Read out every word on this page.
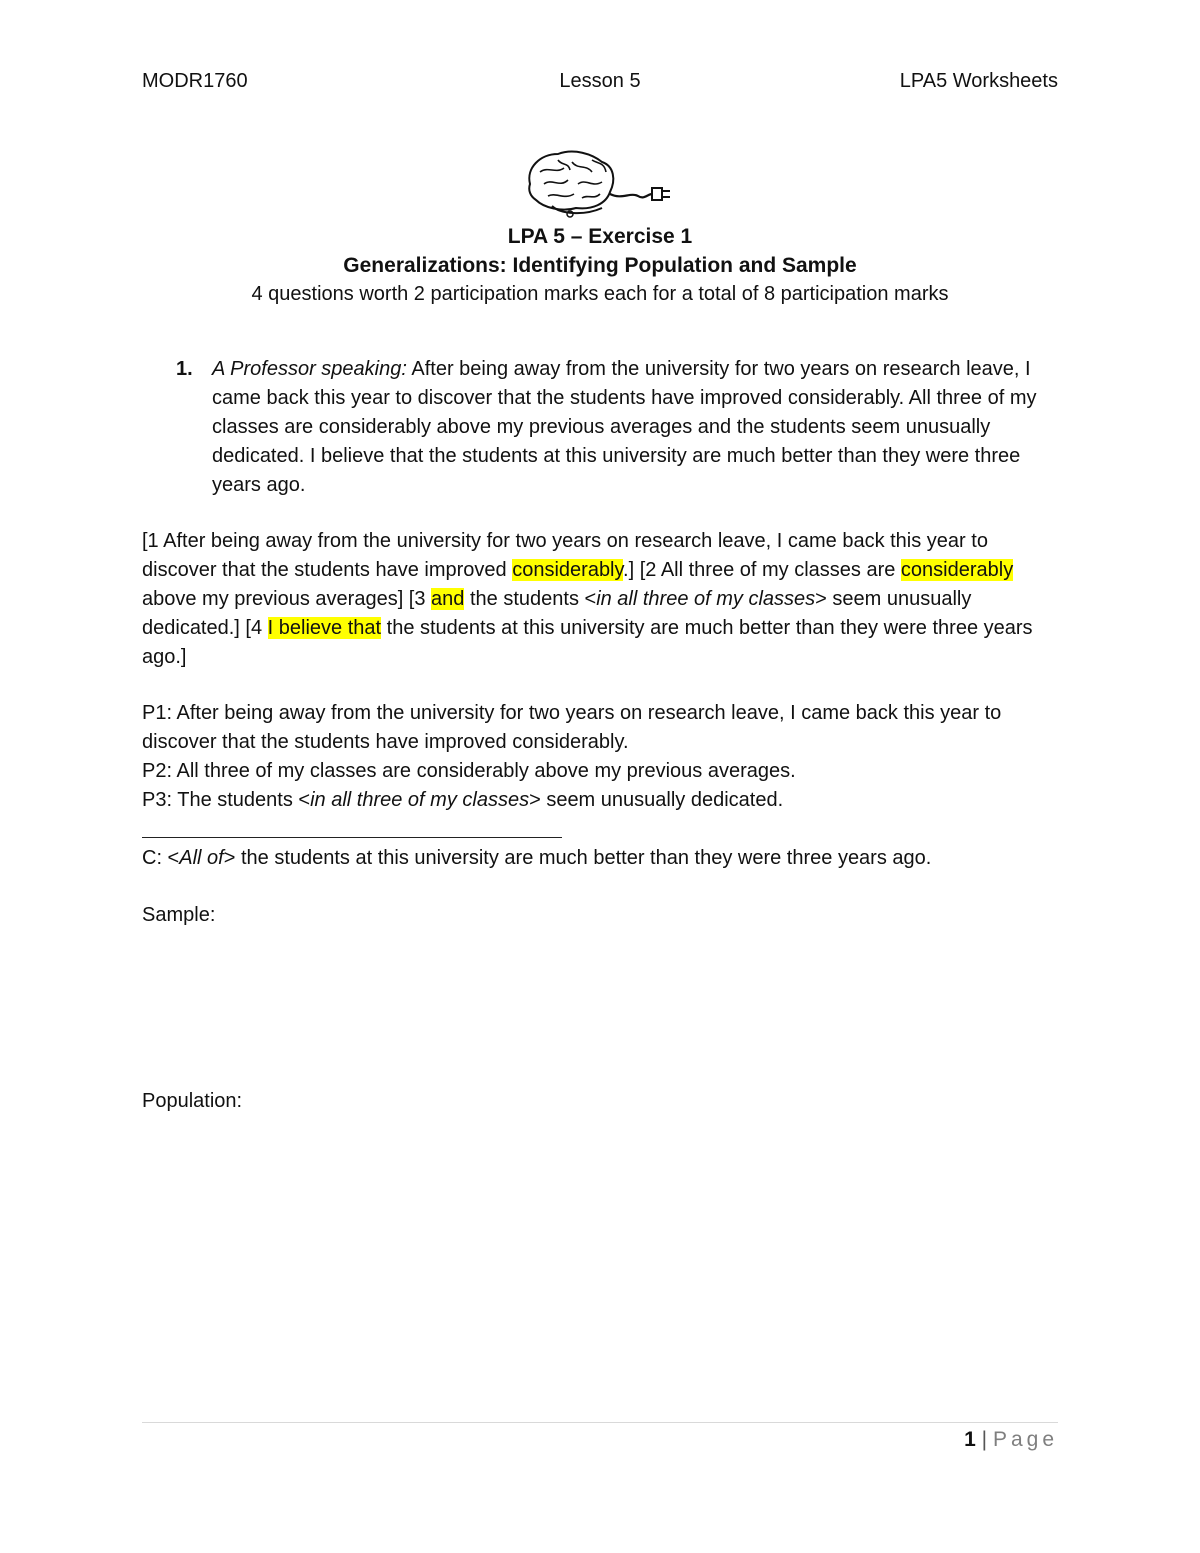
MODR1760	Lesson 5	LPA5 Worksheets
LPA 5 – Exercise 1
Generalizations: Identifying Population and Sample
4 questions worth 2 participation marks each for a total of 8 participation marks
1. A Professor speaking: After being away from the university for two years on research leave, I came back this year to discover that the students have improved considerably. All three of my classes are considerably above my previous averages and the students seem unusually dedicated. I believe that the students at this university are much better than they were three years ago.
[1 After being away from the university for two years on research leave, I came back this year to discover that the students have improved considerably.] [2 All three of my classes are considerably above my previous averages] [3 and the students <in all three of my classes> seem unusually dedicated.] [4 I believe that the students at this university are much better than they were three years ago.]
P1: After being away from the university for two years on research leave, I came back this year to discover that the students have improved considerably.
P2: All three of my classes are considerably above my previous averages.
P3: The students <in all three of my classes> seem unusually dedicated.
C: <All of> the students at this university are much better than they were three years ago.
Sample:
Population:
1 | Page
